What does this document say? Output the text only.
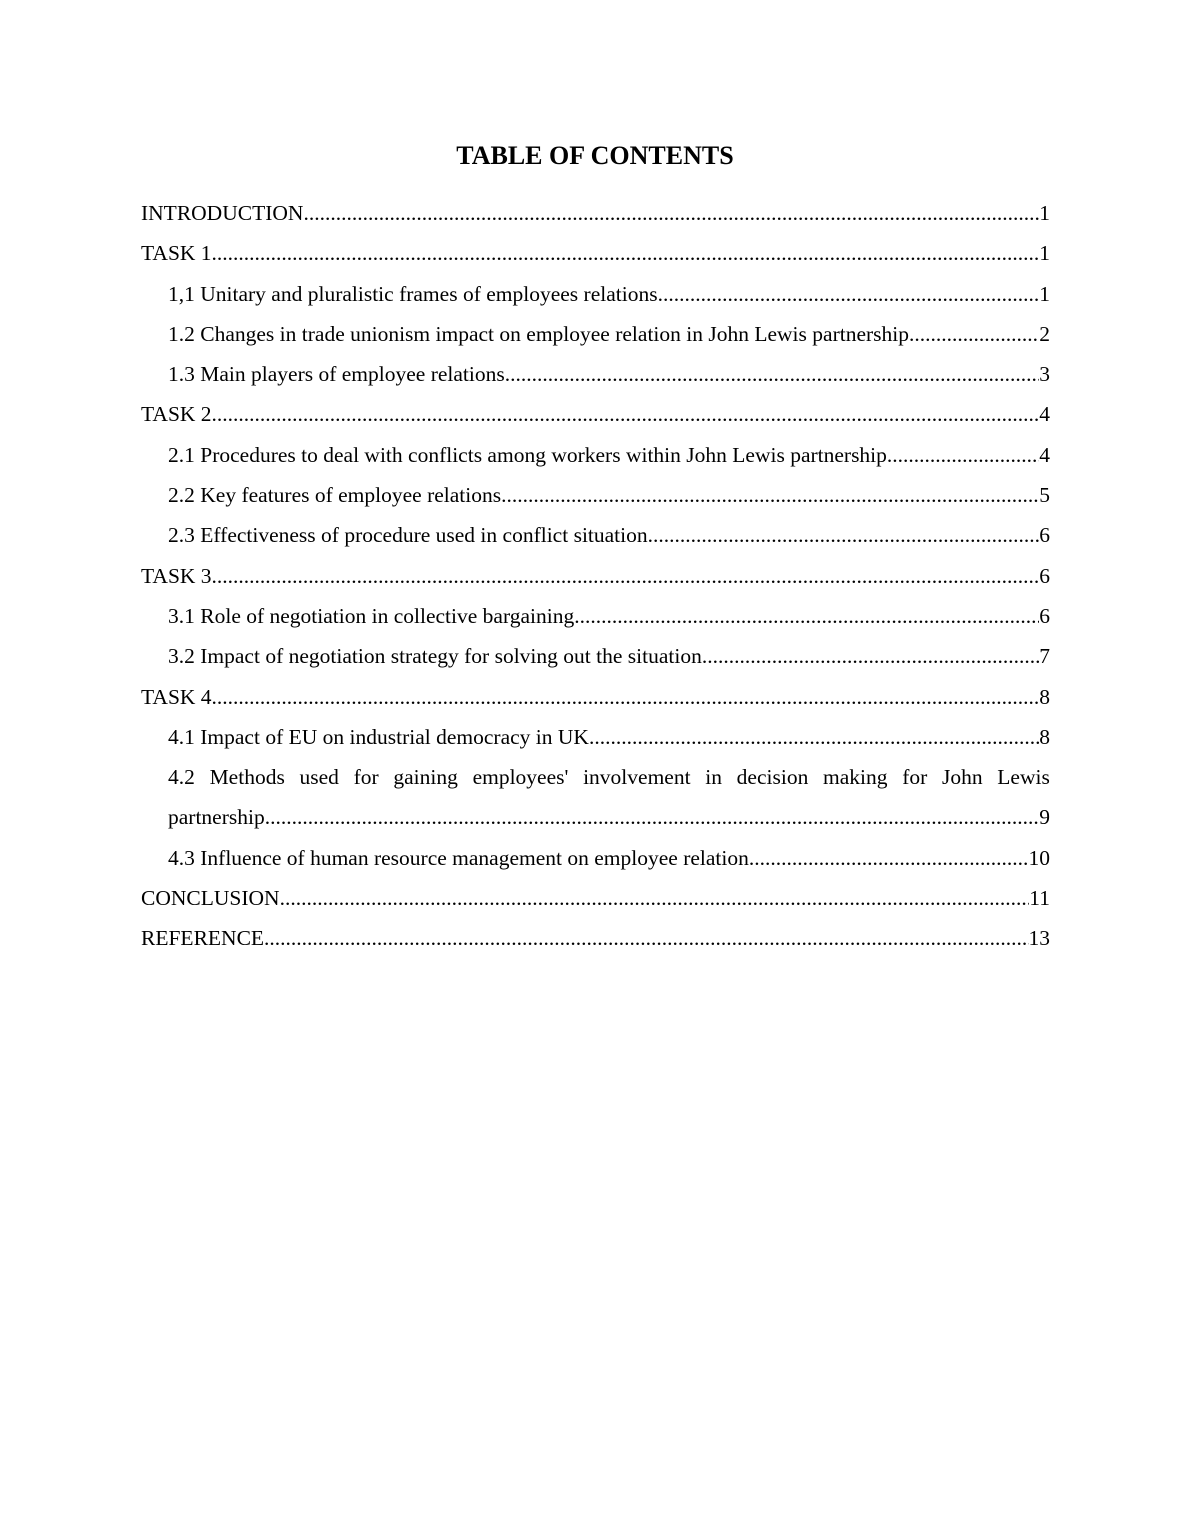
TABLE OF CONTENTS
INTRODUCTION .....	1
TASK 1 .....	1
1,1 Unitary and pluralistic frames of employees relations .....	1
1.2 Changes in trade unionism impact on employee relation in John Lewis partnership .....	2
1.3 Main players of employee relations .....	3
TASK 2 .....	4
2.1 Procedures to deal with conflicts among workers within John Lewis partnership .....	4
2.2 Key features of employee relations .....	5
2.3 Effectiveness of procedure used in conflict situation .....	6
TASK 3 .....	6
3.1 Role of negotiation in collective bargaining .....	6
3.2 Impact of negotiation strategy for solving out the situation .....	7
TASK 4 .....	8
4.1 Impact of EU on industrial democracy in UK .....	8
4.2 Methods used for gaining employees' involvement in decision making for John Lewis
partnership .....	9
4.3 Influence of human resource management on employee relation .....	10
CONCLUSION .....	11
REFERENCE .....	13
